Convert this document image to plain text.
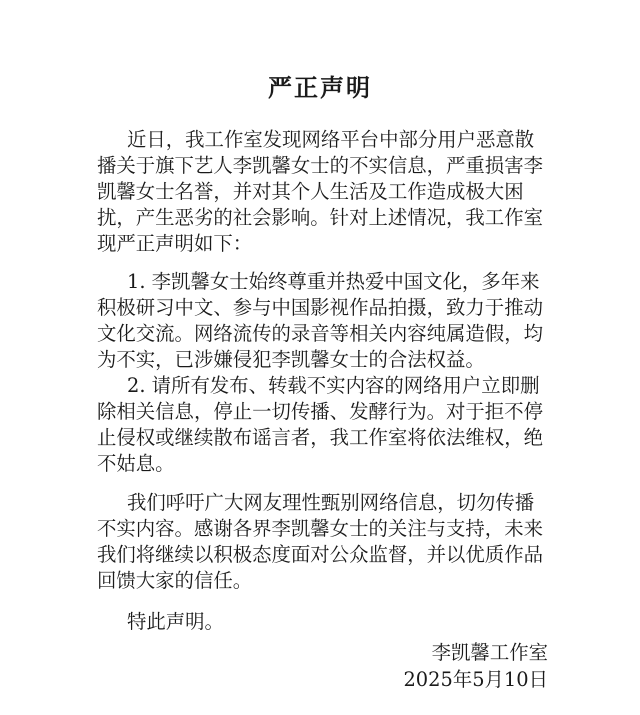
严正声明
近日，我工作室发现网络平台中部分用户恶意散
播关于旗下艺人李凯馨女士的不实信息，严重损害李
凯馨女士名誉，并对其个人生活及工作造成极大困
扰，产生恶劣的社会影响。针对上述情况，我工作室
现严正声明如下：
1. 李凯馨女士始终尊重并热爱中国文化，多年来
积极研习中文、参与中国影视作品拍摄，致力于推动
文化交流。网络流传的录音等相关内容纯属造假，均
为不实，已涉嫌侵犯李凯馨女士的合法权益。
2. 请所有发布、转载不实内容的网络用户立即删
除相关信息，停止一切传播、发酵行为。对于拒不停
止侵权或继续散布谣言者，我工作室将依法维权，绝
不姑息。
我们呼吁广大网友理性甄别网络信息，切勿传播
不实内容。感谢各界李凯馨女士的关注与支持，未来
我们将继续以积极态度面对公众监督，并以优质作品
回馈大家的信任。
特此声明。
李凯馨工作室
2025年5月10日
